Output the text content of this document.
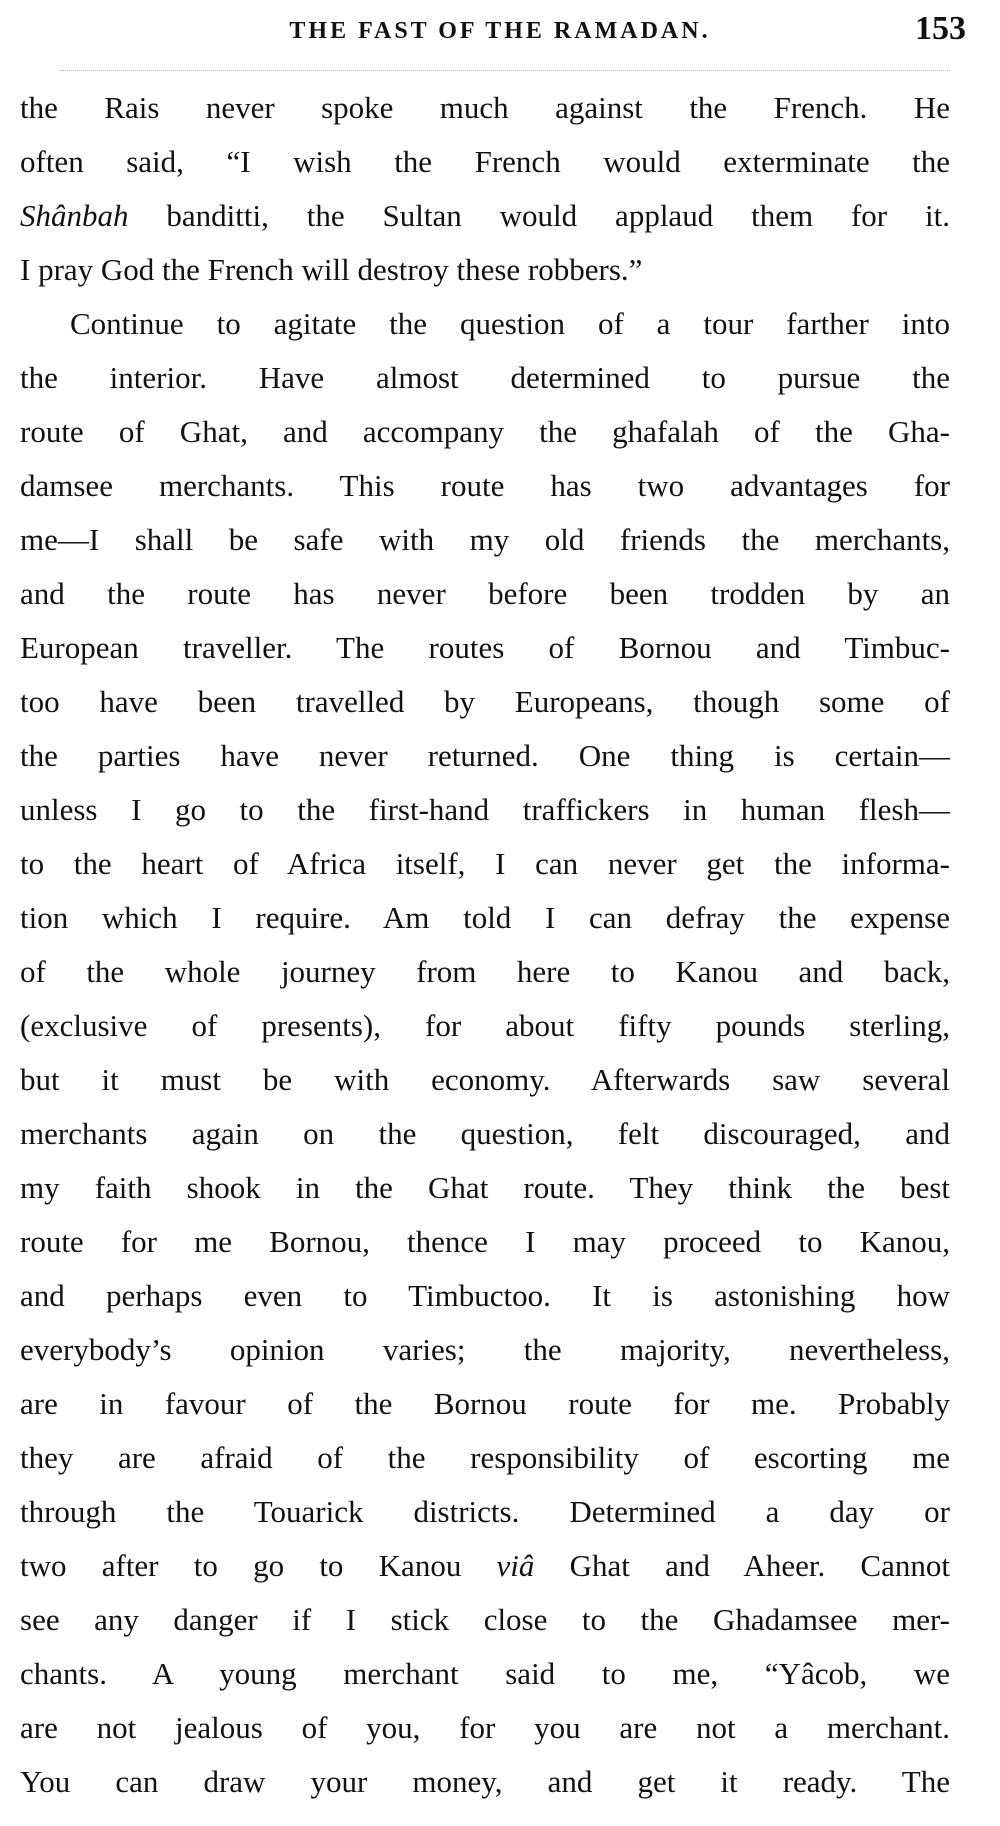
THE FAST OF THE RAMADAN.	153
the Rais never spoke much against the French. He
often said, “I wish the French would exterminate the
Shânbah banditti, the Sultan would applaud them for it.
I pray God the French will destroy these robbers.”
Continue to agitate the question of a tour farther into
the interior. Have almost determined to pursue the
route of Ghat, and accompany the ghafalah of the Gha-
damsee merchants. This route has two advantages for
me—I shall be safe with my old friends the merchants,
and the route has never before been trodden by an
European traveller. The routes of Bornou and Timbuc-
too have been travelled by Europeans, though some of
the parties have never returned. One thing is certain—
unless I go to the first-hand traffickers in human flesh—
to the heart of Africa itself, I can never get the informa-
tion which I require. Am told I can defray the expense
of the whole journey from here to Kanou and back,
(exclusive of presents), for about fifty pounds sterling,
but it must be with economy. Afterwards saw several
merchants again on the question, felt discouraged, and
my faith shook in the Ghat route. They think the best
route for me Bornou, thence I may proceed to Kanou,
and perhaps even to Timbuctoo. It is astonishing how
everybody’s opinion varies; the majority, nevertheless,
are in favour of the Bornou route for me. Probably
they are afraid of the responsibility of escorting me
through the Touarick districts. Determined a day or
two after to go to Kanou viâ Ghat and Aheer. Cannot
see any danger if I stick close to the Ghadamsee mer-
chants. A young merchant said to me, “Yâcob, we
are not jealous of you, for you are not a merchant.
You can draw your money, and get it ready. The
